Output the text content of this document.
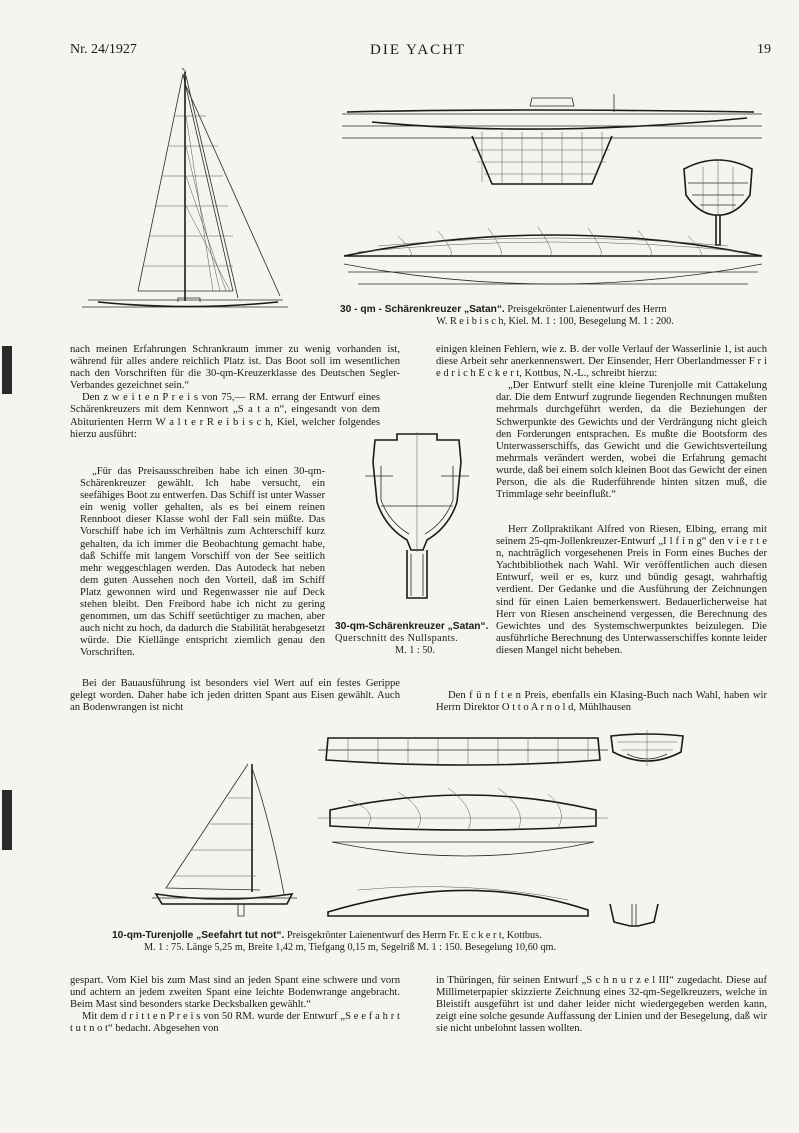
Nr. 24/1927	DIE YACHT	19
30 - qm - Schärenkreuzer „Satan“. Preisgekrönter Laienentwurf des Herrn
W. R e i b i s c h, Kiel. M. 1 : 100, Besegelung M. 1 : 200.

nach meinen Erfahrungen Schrankraum immer zu wenig vorhanden ist, während für alles andere reichlich Platz ist. Das Boot soll im wesentlichen nach den Vorschriften für die 30-qm-Kreuzerklasse des Deutschen Segler-Verbandes gezeichnet sein.“

Den z w e i t e n P r e i s von 75,— RM. errang der Entwurf eines Schärenkreuzers mit dem Kennwort „S a t a n“, eingesandt von dem Abiturienten Herrn W a l t e r R e i b i s c h, Kiel, welcher folgendes hierzu ausführt:

„Für das Preisausschreiben habe ich einen 30-qm-Schärenkreuzer gewählt. Ich habe versucht, ein seefähiges Boot zu entwerfen. Das Schiff ist unter Wasser ein wenig voller gehalten, als es bei einem reinen Rennboot dieser Klasse wohl der Fall sein müßte. Das Vorschiff habe ich im Verhältnis zum Achterschiff kurz gehalten, da ich immer die Beobachtung gemacht habe, daß Schiffe mit langem Vorschiff von der See seitlich mehr weggeschlagen werden. Das Autodeck hat neben dem guten Aussehen noch den Vorteil, daß im Schiff Platz gewonnen wird und Regenwasser nie auf Deck stehen bleibt. Den Freibord habe ich nicht zu gering genommen, um das Schiff seetüchtiger zu machen, aber auch nicht zu hoch, da dadurch die Stabilität herabgesetzt würde. Die Kiellänge entspricht ziemlich genau den Vorschriften.

30-qm-Schärenkreuzer „Satan“.
Querschnitt des Nullspants.
M. 1 : 50.

Bei der Bauausführung ist besonders viel Wert auf ein festes Gerippe gelegt worden. Daher habe ich jeden dritten Spant aus Eisen gewählt. Auch an Bodenwrangen ist nicht

einigen kleinen Fehlern, wie z. B. der volle Verlauf der Wasserlinie 1, ist auch diese Arbeit sehr anerkennenswert. Der Einsender, Herr Oberlandmesser F r i e d r i c h E c k e r t, Kottbus, N.-L., schreibt hierzu:

„Der Entwurf stellt eine kleine Turenjolle mit Cattakelung dar. Die dem Entwurf zugrunde liegenden Rechnungen mußten mehrmals durchgeführt werden, da die Beziehungen der Schwerpunkte des Gewichts und der Verdrängung nicht gleich den Forderungen entsprachen. Es mußte die Bootsform des Unterwasserschiffs, das Gewicht und die Gewichtsverteilung mehrmals verändert werden, wobei die Erfahrung gemacht wurde, daß bei einem solch kleinen Boot das Gewicht der einen Person, die als die Ruderführende hinten sitzen muß, die Trimmlage sehr beeinflußt.“

Herr Zollpraktikant Alfred von Riesen, Elbing, errang mit seinem 25-qm-Jollenkreuzer-Entwurf „I l f i n g“ den v i e r t e n, nachträglich vorgesehenen Preis in Form eines Buches der Yachtbibliothek nach Wahl. Wir veröffentlichen auch diesen Entwurf, weil er es, kurz und bündig gesagt, wahrhaftig verdient. Der Gedanke und die Ausführung der Zeichnungen sind für einen Laien bemerkenswert. Bedauerlicherweise hat Herr von Riesen anscheinend vergessen, die Berechnung des Gewichtes und des Systemschwerpunktes beizulegen. Die ausführliche Berechnung des Unterwasserschiffes konnte leider diesen Mangel nicht beheben.

Den f ü n f t e n Preis, ebenfalls ein Klasing-Buch nach Wahl, haben wir Herrn Direktor O t t o A r n o l d, Mühlhausen

10-qm-Turenjolle „Seefahrt tut not“. Preisgekrönter Laienentwurf des Herrn Fr. E c k e r t, Kottbus.
M. 1 : 75. Länge 5,25 m, Breite 1,42 m, Tiefgang 0,15 m, Segelriß M. 1 : 150. Besegelung 10,60 qm.

gespart. Vom Kiel bis zum Mast sind an jeden Spant eine schwere und vorn und achtern an jedem zweiten Spant eine leichte Bodenwrange angebracht. Beim Mast sind besonders starke Decksbalken gewählt.“

Mit dem d r i t t e n P r e i s von 50 RM. wurde der Entwurf „S e e f a h r t t u t n o t“ bedacht. Abgesehen von

in Thüringen, für seinen Entwurf „S c h n u r z e l III“ zugedacht. Diese auf Millimeterpapier skizzierte Zeichnung eines 32-qm-Segelkreuzers, welche in Bleistift ausgeführt ist und daher leider nicht wiedergegeben werden kann, zeigt eine solche gesunde Auffassung der Linien und der Besegelung, daß wir sie nicht unbelohnt lassen wollten.
